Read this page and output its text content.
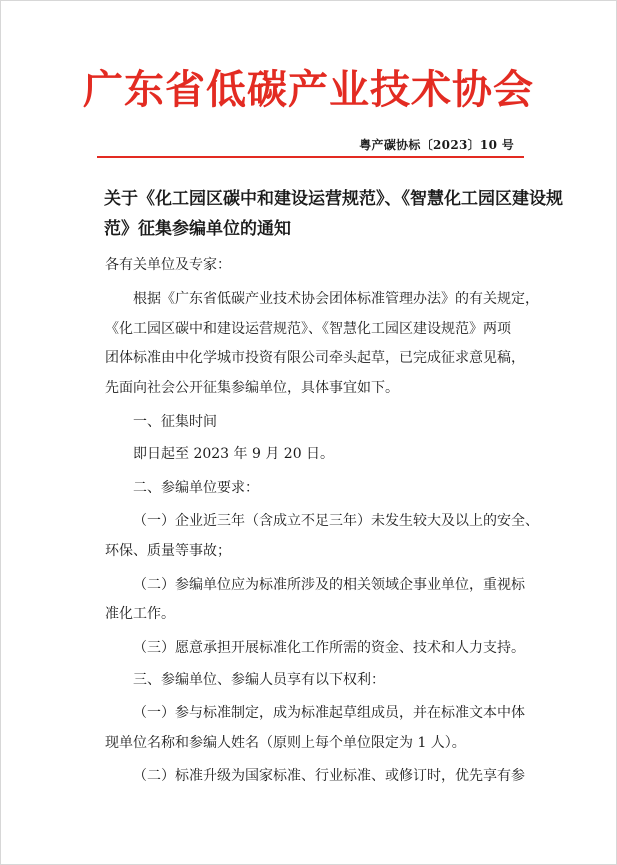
广东省低碳产业技术协会
粤产碳协标〔2023〕10 号
关于《化工园区碳中和建设运营规范》、《智慧化工园区建设规
范》征集参编单位的通知
各有关单位及专家：
根据《广东省低碳产业技术协会团体标准管理办法》的有关规定，
《化工园区碳中和建设运营规范》、《智慧化工园区建设规范》两项
团体标准由中化学城市投资有限公司牵头起草，已完成征求意见稿，
先面向社会公开征集参编单位，具体事宜如下。
一、征集时间
即日起至 2023 年 9 月 20 日。
二、参编单位要求：
（一）企业近三年（含成立不足三年）未发生较大及以上的安全、
环保、质量等事故；
（二）参编单位应为标准所涉及的相关领域企事业单位，重视标
准化工作。
（三）愿意承担开展标准化工作所需的资金、技术和人力支持。
三、参编单位、参编人员享有以下权利：
（一）参与标准制定，成为标准起草组成员，并在标准文本中体
现单位名称和参编人姓名（原则上每个单位限定为 1 人）。
（二）标准升级为国家标准、行业标准、或修订时，优先享有参
